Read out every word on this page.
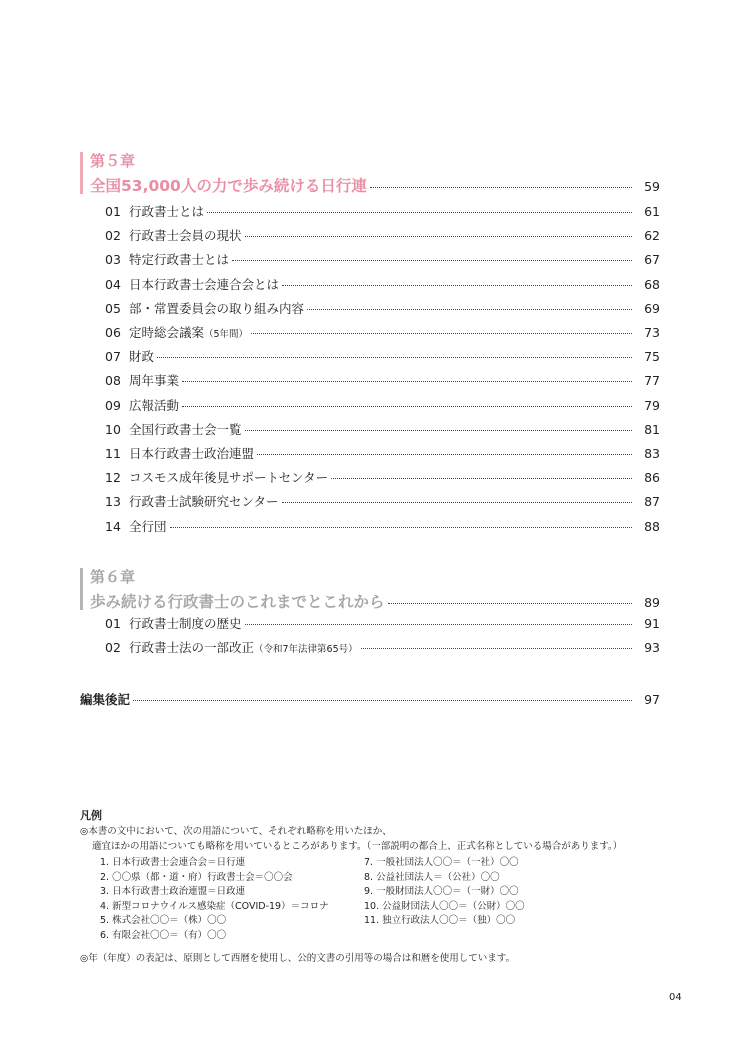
第５章
全国53,000人の力で歩み続ける日行連	59
01 行政書士とは	61
02 行政書士会員の現状	62
03 特定行政書士とは	67
04 日本行政書士会連合会とは	68
05 部・常置委員会の取り組み内容	69
06 定時総会議案（5年間）	73
07 財政	75
08 周年事業	77
09 広報活動	79
10 全国行政書士会一覧	81
11 日本行政書士政治連盟	83
12 コスモス成年後見サポートセンター	86
13 行政書士試験研究センター	87
14 全行団	88
第６章
歩み続ける行政書士のこれまでとこれから	89
01 行政書士制度の歴史	91
02 行政書士法の一部改正（令和7年法律第65号）	93
編集後記	97
凡例

◎本書の文中において、次の用語について、それぞれ略称を用いたほか、

適宜ほかの用語についても略称を用いているところがあります。（一部説明の都合上、正式名称としている場合があります。）

1. 日本行政書士会連合会＝日行連
2. 〇〇県（都・道・府）行政書士会＝〇〇会
3. 日本行政書士政治連盟＝日政連
4. 新型コロナウイルス感染症（COVID-19）＝コロナ
5. 株式会社〇〇＝（株）〇〇
6. 有限会社〇〇＝（有）〇〇
7. 一般社団法人〇〇＝（一社）〇〇
8. 公益社団法人＝（公社）〇〇
9. 一般財団法人〇〇＝（一財）〇〇
10. 公益財団法人〇〇＝（公財）〇〇
11. 独立行政法人〇〇＝（独）〇〇

◎年（年度）の表記は、原則として西暦を使用し、公的文書の引用等の場合は和暦を使用しています。

04
